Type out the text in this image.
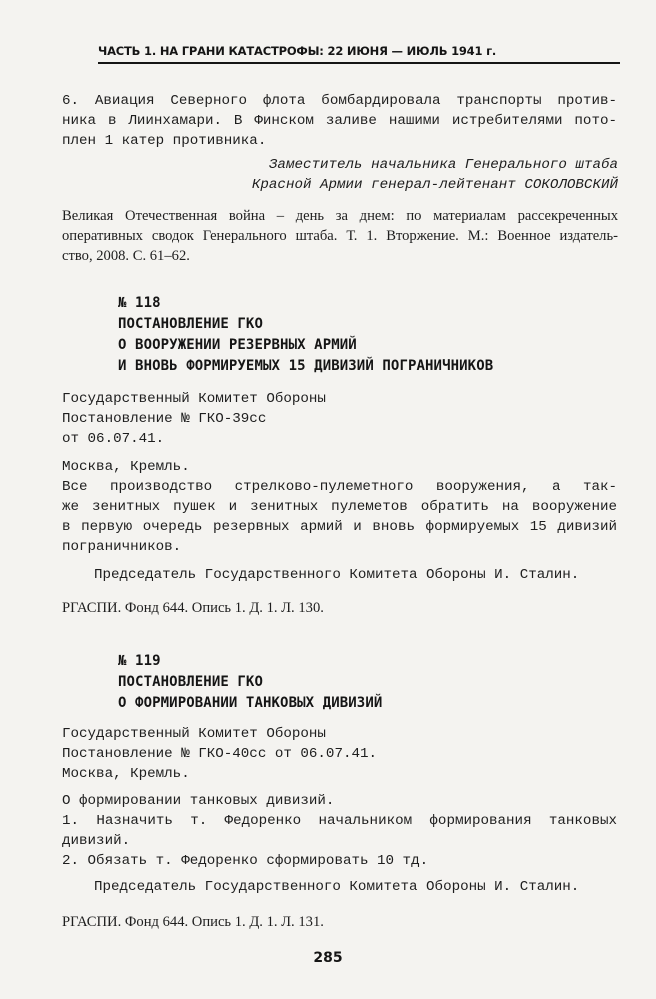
ЧАСТЬ 1. НА ГРАНИ КАТАСТРОФЫ: 22 ИЮНЯ — ИЮЛЬ 1941 г.
6. Авиация Северного флота бомбардировала транспорты против-
ника в Лиинхамари. В Финском заливе нашими истребителями пото-
плен 1 катер противника.
Заместитель начальника Генерального штаба
Красной Армии генерал-лейтенант СОКОЛОВСКИЙ
Великая Отечественная война – день за днем: по материалам рассекреченных
оперативных сводок Генерального штаба. Т. 1. Вторжение. М.: Военное издатель-
ство, 2008. С. 61–62.
№ 118
ПОСТАНОВЛЕНИЕ ГКО
О ВООРУЖЕНИИ РЕЗЕРВНЫХ АРМИЙ
И ВНОВЬ ФОРМИРУЕМЫХ 15 ДИВИЗИЙ ПОГРАНИЧНИКОВ
Государственный Комитет Обороны
Постановление № ГКО-39сс
от 06.07.41.
Москва, Кремль.
Все производство стрелково-пулеметного вооружения, а так-
же зенитных пушек и зенитных пулеметов обратить на вооружение
в первую очередь резервных армий и вновь формируемых 15 дивизий
пограничников.
Председатель Государственного Комитета Обороны И. Сталин.
РГАСПИ. Фонд 644. Опись 1. Д. 1. Л. 130.
№ 119
ПОСТАНОВЛЕНИЕ ГКО
О ФОРМИРОВАНИИ ТАНКОВЫХ ДИВИЗИЙ
Государственный Комитет Обороны
Постановление № ГКО-40сс от 06.07.41.
Москва, Кремль.
О формировании танковых дивизий.
1. Назначить т. Федоренко начальником формирования танковых
дивизий.
2. Обязать т. Федоренко сформировать 10 тд.
Председатель Государственного Комитета Обороны И. Сталин.
РГАСПИ. Фонд 644. Опись 1. Д. 1. Л. 131.
285
